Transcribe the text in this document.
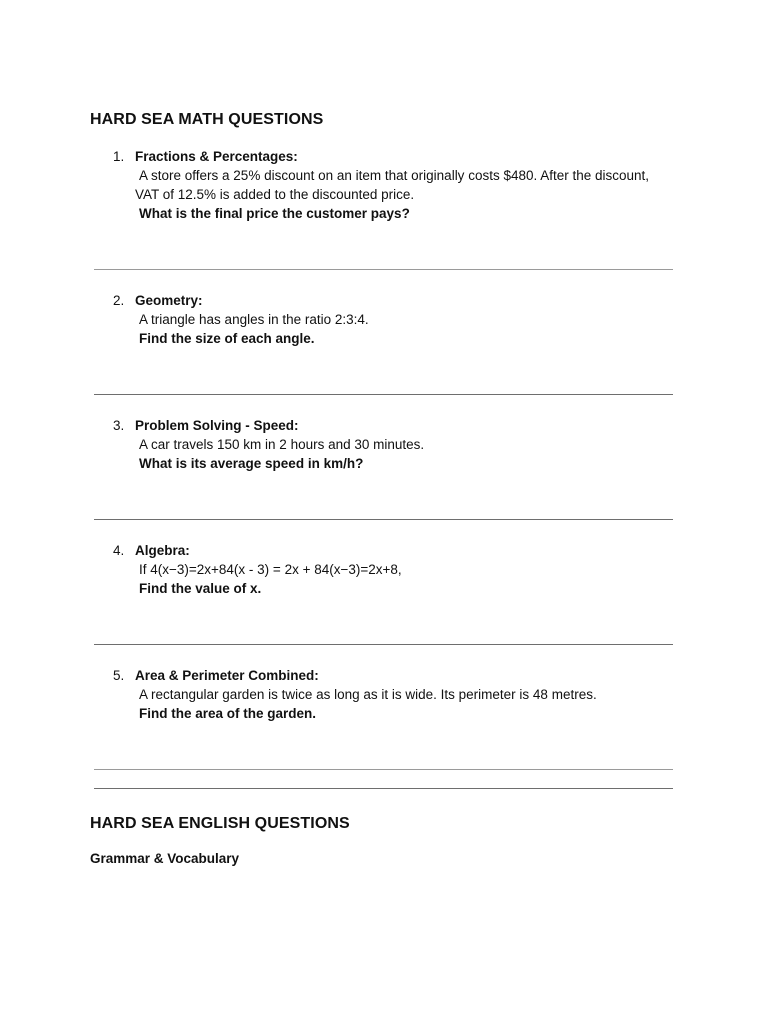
HARD SEA MATH QUESTIONS
1. Fractions & Percentages:
A store offers a 25% discount on an item that originally costs $480. After the discount, VAT of 12.5% is added to the discounted price.
What is the final price the customer pays?
2. Geometry:
A triangle has angles in the ratio 2:3:4.
Find the size of each angle.
3. Problem Solving - Speed:
A car travels 150 km in 2 hours and 30 minutes.
What is its average speed in km/h?
4. Algebra:
If 4(x−3)=2x+84(x - 3) = 2x + 84(x−3)=2x+8,
Find the value of x.
5. Area & Perimeter Combined:
A rectangular garden is twice as long as it is wide. Its perimeter is 48 metres.
Find the area of the garden.
HARD SEA ENGLISH QUESTIONS
Grammar & Vocabulary
